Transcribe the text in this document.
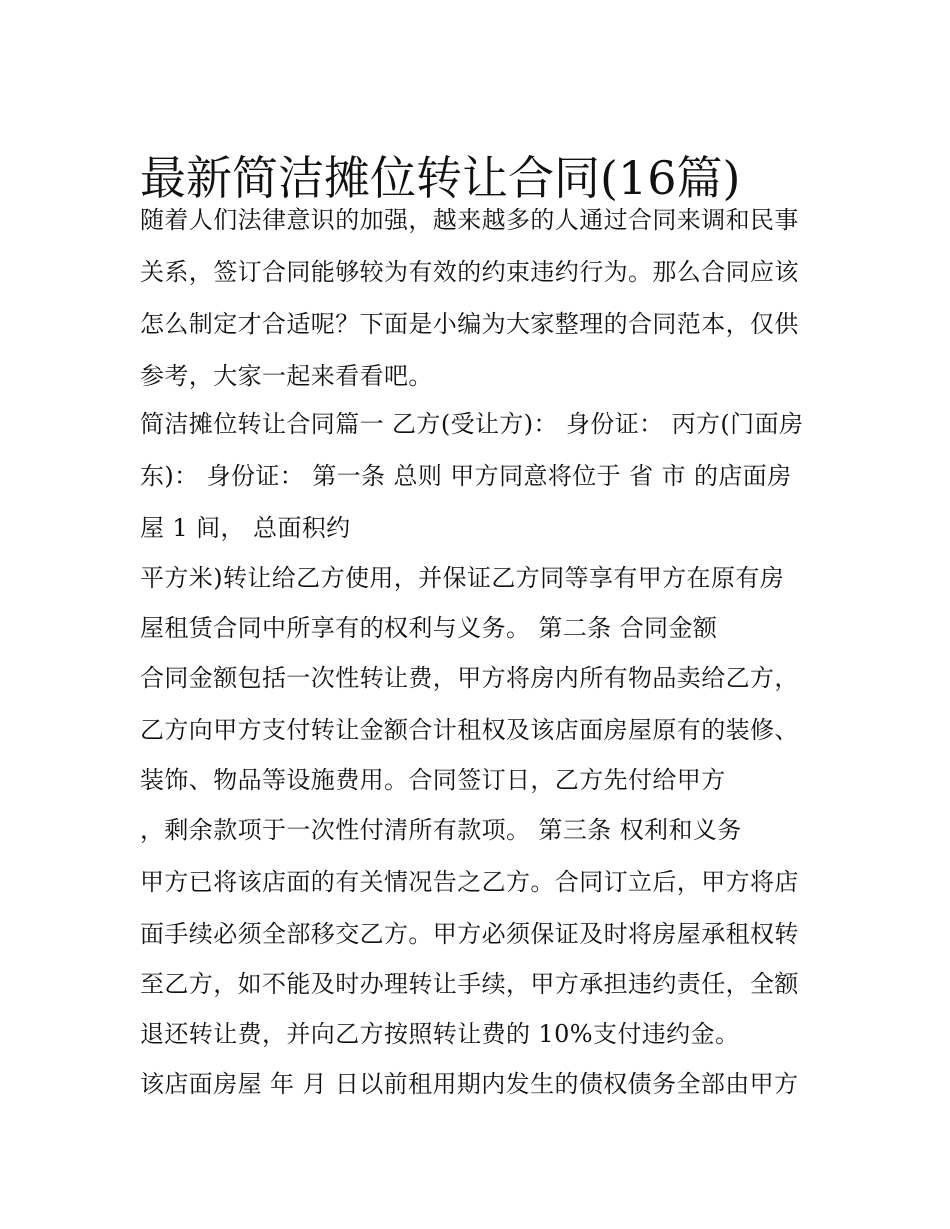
最新简洁摊位转让合同(16篇)
随着人们法律意识的加强，越来越多的人通过合同来调和民事
关系，签订合同能够较为有效的约束违约行为。那么合同应该
怎么制定才合适呢？下面是小编为大家整理的合同范本，仅供
参考，大家一起来看看吧。
简洁摊位转让合同篇一 乙方(受让方)： 身份证： 丙方(门面房
东)： 身份证： 第一条 总则 甲方同意将位于 省 市 的店面房
屋 1 间， 总面积约
平方米)转让给乙方使用，并保证乙方同等享有甲方在原有房
屋租赁合同中所享有的权利与义务。 第二条 合同金额
合同金额包括一次性转让费，甲方将房内所有物品卖给乙方，
乙方向甲方支付转让金额合计租权及该店面房屋原有的装修、
装饰、物品等设施费用。合同签订日，乙方先付给甲方
，剩余款项于一次性付清所有款项。 第三条 权利和义务
甲方已将该店面的有关情况告之乙方。合同订立后，甲方将店
面手续必须全部移交乙方。甲方必须保证及时将房屋承租权转
至乙方，如不能及时办理转让手续，甲方承担违约责任，全额
退还转让费，并向乙方按照转让费的 10%支付违约金。
该店面房屋 年 月 日以前租用期内发生的债权债务全部由甲方
